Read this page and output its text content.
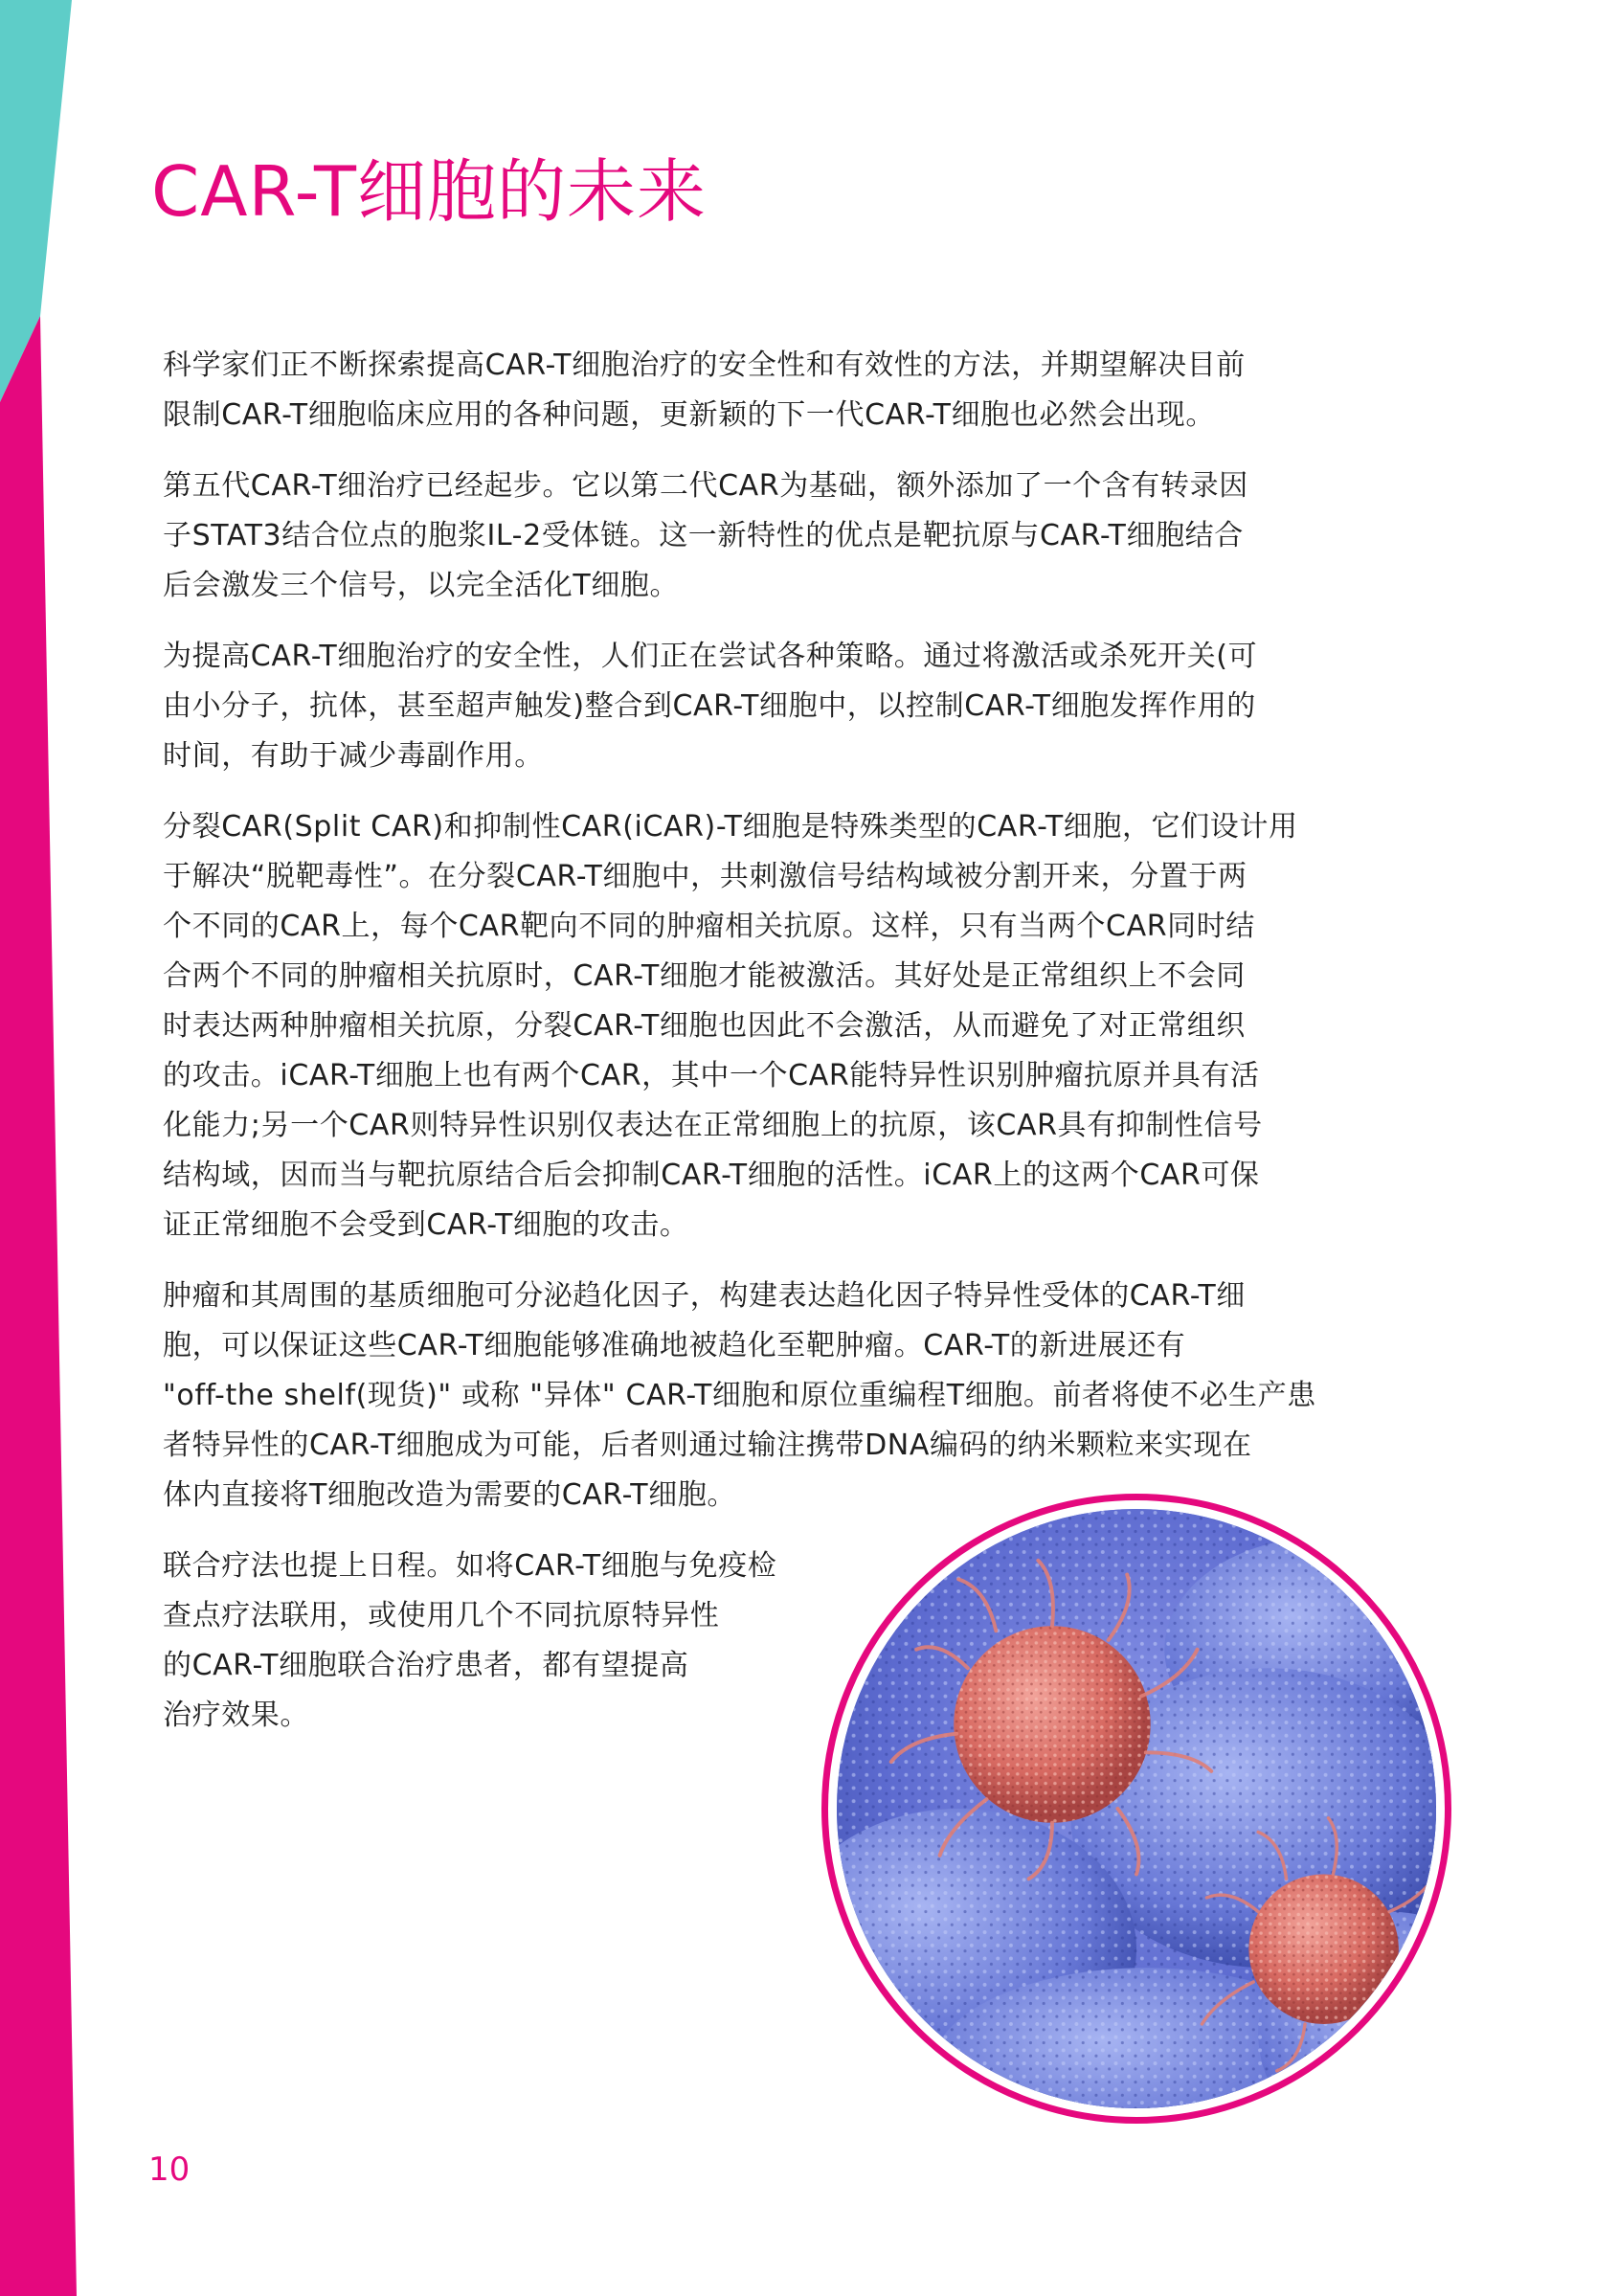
CAR-T细胞的未来

科学家们正不断探索提高CAR-T细胞治疗的安全性和有效性的方法，并期望解决目前
限制CAR-T细胞临床应用的各种问题，更新颖的下一代CAR-T细胞也必然会出现。

第五代CAR-T细治疗已经起步。它以第二代CAR为基础，额外添加了一个含有转录因
子STAT3结合位点的胞浆IL-2受体链。这一新特性的优点是靶抗原与CAR-T细胞结合
后会激发三个信号，以完全活化T细胞。

为提高CAR-T细胞治疗的安全性，人们正在尝试各种策略。通过将激活或杀死开关(可
由小分子，抗体，甚至超声触发)整合到CAR-T细胞中，以控制CAR-T细胞发挥作用的
时间，有助于减少毒副作用。

分裂CAR(Split CAR)和抑制性CAR(iCAR)-T细胞是特殊类型的CAR-T细胞，它们设计用
于解决“脱靶毒性”。在分裂CAR-T细胞中，共刺激信号结构域被分割开来，分置于两
个不同的CAR上，每个CAR靶向不同的肿瘤相关抗原。这样，只有当两个CAR同时结
合两个不同的肿瘤相关抗原时，CAR-T细胞才能被激活。其好处是正常组织上不会同
时表达两种肿瘤相关抗原，分裂CAR-T细胞也因此不会激活，从而避免了对正常组织
的攻击。iCAR-T细胞上也有两个CAR，其中一个CAR能特异性识别肿瘤抗原并具有活
化能力;另一个CAR则特异性识别仅表达在正常细胞上的抗原，该CAR具有抑制性信号
结构域，因而当与靶抗原结合后会抑制CAR-T细胞的活性。iCAR上的这两个CAR可保
证正常细胞不会受到CAR-T细胞的攻击。

肿瘤和其周围的基质细胞可分泌趋化因子，构建表达趋化因子特异性受体的CAR-T细
胞，可以保证这些CAR-T细胞能够准确地被趋化至靶肿瘤。CAR-T的新进展还有
"off-the shelf(现货)" 或称 "异体" CAR-T细胞和原位重编程T细胞。前者将使不必生产患
者特异性的CAR-T细胞成为可能，后者则通过输注携带DNA编码的纳米颗粒来实现在
体内直接将T细胞改造为需要的CAR-T细胞。

联合疗法也提上日程。如将CAR-T细胞与免疫检
查点疗法联用，或使用几个不同抗原特异性
的CAR-T细胞联合治疗患者，都有望提高
治疗效果。

10
